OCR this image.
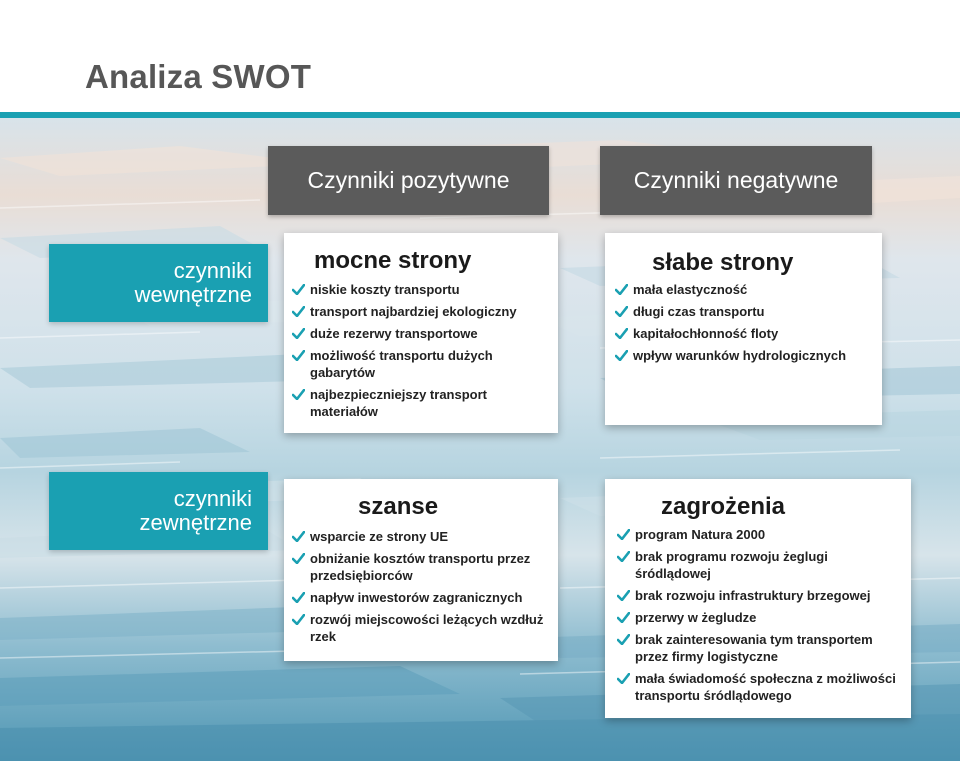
Analiza SWOT
Czynniki pozytywne	Czynniki negatywne
czynniki
wewnętrzne
czynniki
zewnętrzne
mocne strony
niskie koszty transportu
transport najbardziej ekologiczny
duże rezerwy transportowe
możliwość transportu dużych gabarytów
najbezpieczniejszy transport materiałów
słabe strony
mała elastyczność
długi czas transportu
kapitałochłonność floty
wpływ warunków hydrologicznych
szanse
wsparcie ze strony UE
obniżanie kosztów transportu przez przedsiębiorców
napływ inwestorów zagranicznych
rozwój miejscowości leżących wzdłuż rzek
zagrożenia
program Natura 2000
brak programu rozwoju żeglugi śródlądowej
brak rozwoju infrastruktury brzegowej
przerwy w żegludze
brak zainteresowania tym transportem przez firmy logistyczne
mała świadomość społeczna z możliwości transportu śródlądowego
